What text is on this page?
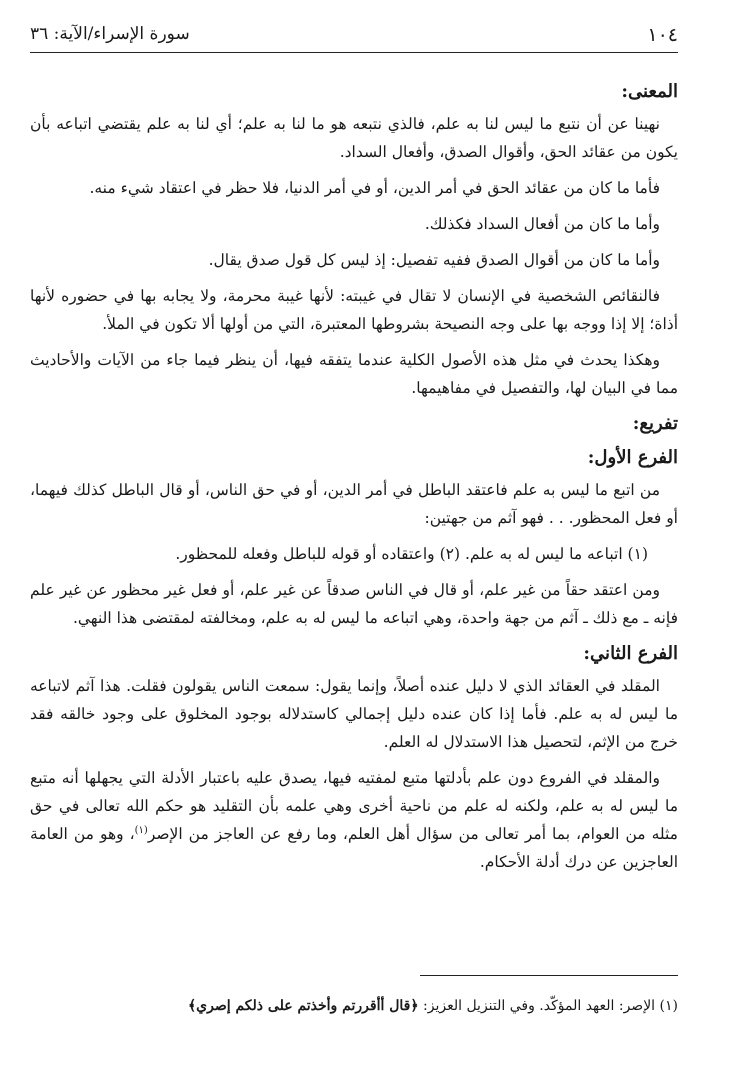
١٠٤
سورة الإسراء/الآية: ٣٦
المعنى:

نهينا عن أن نتبع ما ليس لنا به علم، فالذي نتبعه هو ما لنا به علم؛ أي لنا به علم يقتضي اتباعه بأن يكون من عقائد الحق، وأقوال الصدق، وأفعال السداد.

فأما ما كان من عقائد الحق في أمر الدين، أو في أمر الدنيا، فلا حظر في اعتقاد شيء منه.

وأما ما كان من أفعال السداد فكذلك.

وأما ما كان من أقوال الصدق ففيه تفصيل: إذ ليس كل قول صدق يقال.

فالنقائص الشخصية في الإنسان لا تقال في غيبته: لأنها غيبة محرمة، ولا يجابه بها في حضوره لأنها أذاة؛ إلا إذا ووجه بها على وجه النصيحة بشروطها المعتبرة، التي من أولها ألا تكون في الملأ.

وهكذا يحدث في مثل هذه الأصول الكلية عندما يتفقه فيها، أن ينظر فيما جاء من الآيات والأحاديث مما في البيان لها، والتفصيل في مفاهيمها.

تفريع:
الفرع الأول:

من اتبع ما ليس به علم فاعتقد الباطل في أمر الدين، أو في حق الناس، أو قال الباطل كذلك فيهما، أو فعل المحظور. . . فهو آثم من جهتين:

(١) اتباعه ما ليس له به علم. (٢) واعتقاده أو قوله للباطل وفعله للمحظور.

ومن اعتقد حقاً من غير علم، أو قال في الناس صدقاً عن غير علم، أو فعل غير محظور عن غير علم فإنه ـ مع ذلك ـ آثم من جهة واحدة، وهي اتباعه ما ليس له به علم، ومخالفته لمقتضى هذا النهي.

الفرع الثاني:

المقلد في العقائد الذي لا دليل عنده أصلاً، وإنما يقول: سمعت الناس يقولون فقلت. هذا آثم لاتباعه ما ليس له به علم. فأما إذا كان عنده دليل إجمالي كاستدلاله بوجود المخلوق على وجود خالقه فقد خرج من الإثم، لتحصيل هذا الاستدلال له العلم.

والمقلد في الفروع دون علم بأدلتها متبع لمفتيه فيها، يصدق عليه باعتبار الأدلة التي يجهلها أنه متبع ما ليس له به علم، ولكنه له علم من ناحية أخرى وهي علمه بأن التقليد هو حكم الله تعالى في حق مثله من العوام، بما أمر تعالى من سؤال أهل العلم، وما رفع عن العاجز من الإصر$^{(١)}$، وهو من العامة العاجزين عن درك أدلة الأحكام.

(١) الإصر: العهد المؤكّد. وفي التنزيل العزيز: ﴿قال أأقررتم وأخذتم على ذلكم إصري﴾
